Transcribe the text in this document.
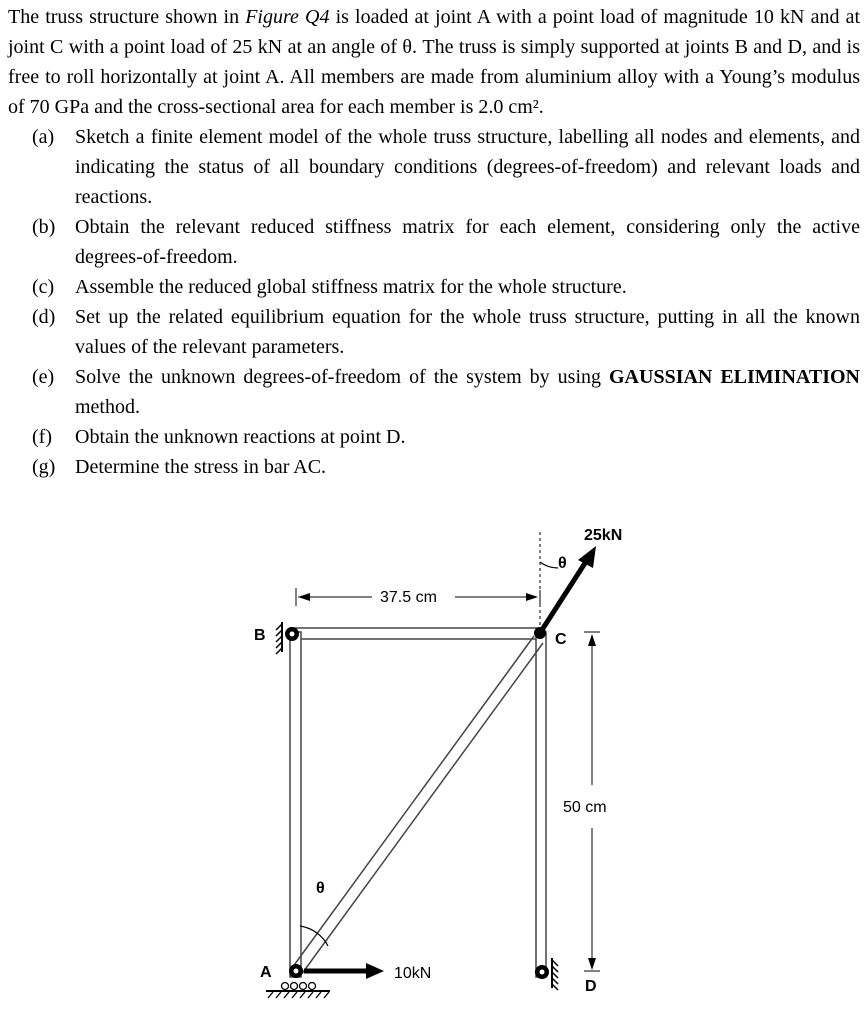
The truss structure shown in Figure Q4 is loaded at joint A with a point load of magnitude 10 kN and at joint C with a point load of 25 kN at an angle of θ. The truss is simply supported at joints B and D, and is free to roll horizontally at joint A. All members are made from aluminium alloy with a Young’s modulus of 70 GPa and the cross-sectional area for each member is 2.0 cm².

(a) Sketch a finite element model of the whole truss structure, labelling all nodes and elements, and indicating the status of all boundary conditions (degrees-of-freedom) and relevant loads and reactions.
(b) Obtain the relevant reduced stiffness matrix for each element, considering only the active degrees-of-freedom.
(c) Assemble the reduced global stiffness matrix for the whole structure.
(d) Set up the related equilibrium equation for the whole truss structure, putting in all the known values of the relevant parameters.
(e) Solve the unknown degrees-of-freedom of the system by using GAUSSIAN ELIMINATION method.
(f) Obtain the unknown reactions at point D.
(g) Determine the stress in bar AC.
25kN
θ
37.5 cm
B	C
50 cm
θ
A	10kN
D
